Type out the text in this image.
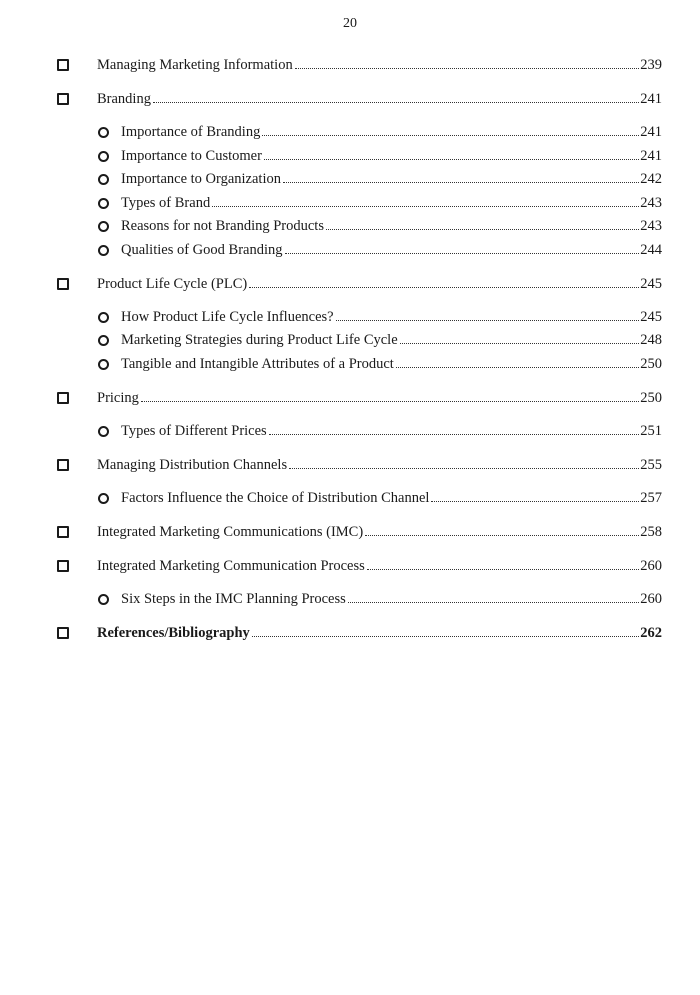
20
Managing Marketing Information	239
Branding	241
Importance of Branding	241
Importance to Customer	241
Importance to Organization	242
Types of Brand	243
Reasons for not Branding Products	243
Qualities of Good Branding	244
Product Life Cycle (PLC)	245
How Product Life Cycle Influences?	245
Marketing Strategies during Product Life Cycle	248
Tangible and Intangible Attributes of a Product	250
Pricing	250
Types of Different Prices	251
Managing Distribution Channels	255
Factors Influence the Choice of Distribution Channel	257
Integrated Marketing Communications (IMC)	258
Integrated Marketing Communication Process	260
Six Steps in the IMC Planning Process	260
References/Bibliography	262
